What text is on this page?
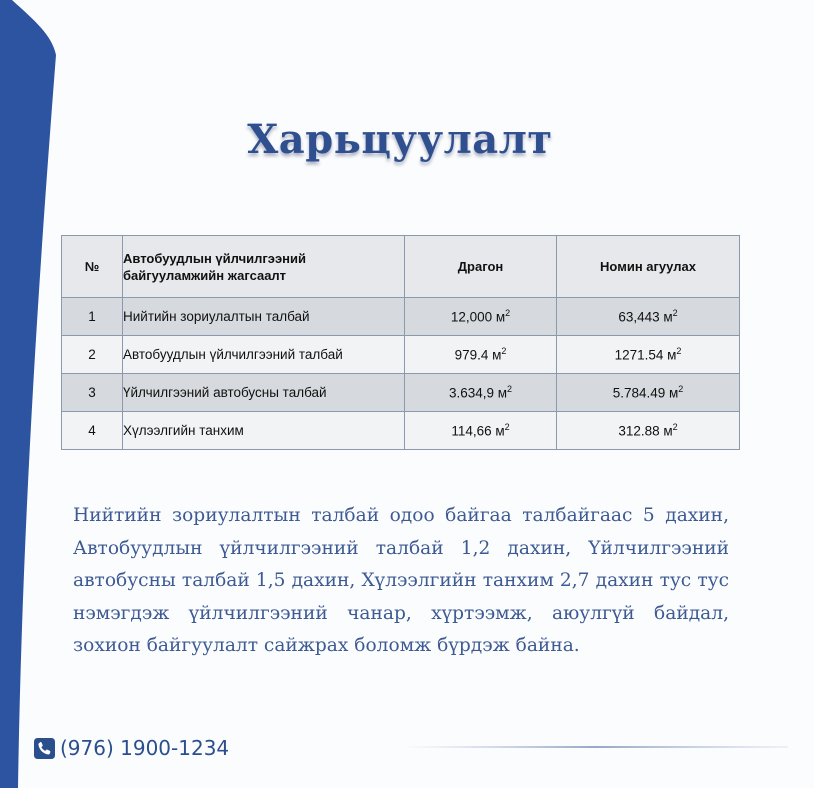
Харьцуулалт
№	Автобуудлын үйлчилгээний байгууламжийн жагсаалт	Драгон	Номин агуулах
1	Нийтийн зориулалтын талбай	12,000 $м^2$	63,443 $м^2$
2	Автобуудлын үйлчилгээний талбай	979.4 $м^2$	1271.54 $м^2$
3	Үйлчилгээний автобусны талбай	3.634,9 $м^2$	5.784.49 $м^2$
4	Хүлээлгийн танхим	114,66 $м^2$	312.88 $м^2$

Нийтийн зориулалтын талбай одоо байгаа талбайгаас 5 дахин, Автобуудлын үйлчилгээний талбай 1,2 дахин, Үйлчилгээний автобусны талбай 1,5 дахин, Хүлээлгийн танхим 2,7 дахин тус тус нэмэгдэж үйлчилгээний чанар, хүртээмж, аюулгүй байдал, зохион байгуулалт сайжрах боломж бүрдэж байна.

(976) 1900-1234
